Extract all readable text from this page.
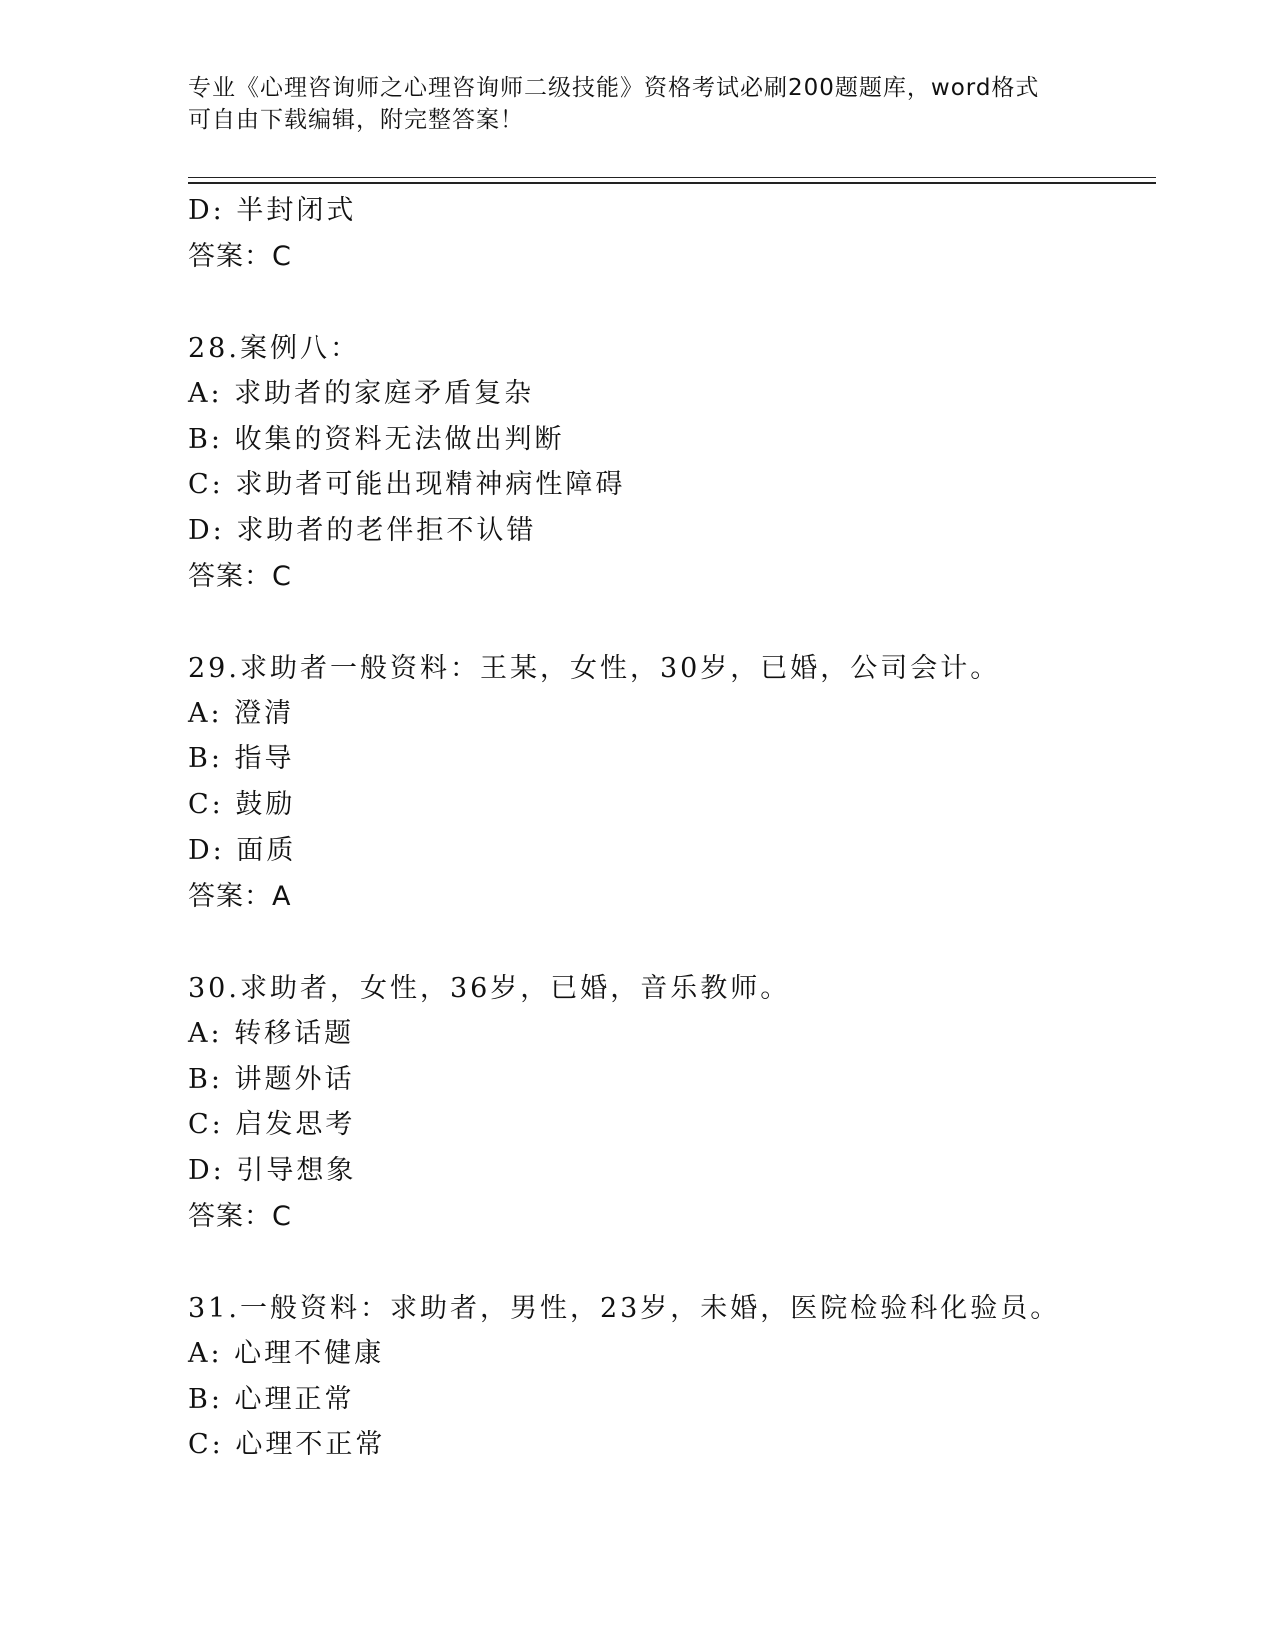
专业《心理咨询师之心理咨询师二级技能》资格考试必刷200题题库，word格式
可自由下载编辑，附完整答案！
D: 半封闭式
答案：C
28.案例八：
A: 求助者的家庭矛盾复杂
B: 收集的资料无法做出判断
C: 求助者可能出现精神病性障碍
D: 求助者的老伴拒不认错
答案：C
29.求助者一般资料：王某，女性，30岁，已婚，公司会计。
A: 澄清
B: 指导
C: 鼓励
D: 面质
答案：A
30.求助者，女性，36岁，已婚，音乐教师。
A: 转移话题
B: 讲题外话
C: 启发思考
D: 引导想象
答案：C
31.一般资料：求助者，男性，23岁，未婚，医院检验科化验员。
A: 心理不健康
B: 心理正常
C: 心理不正常
